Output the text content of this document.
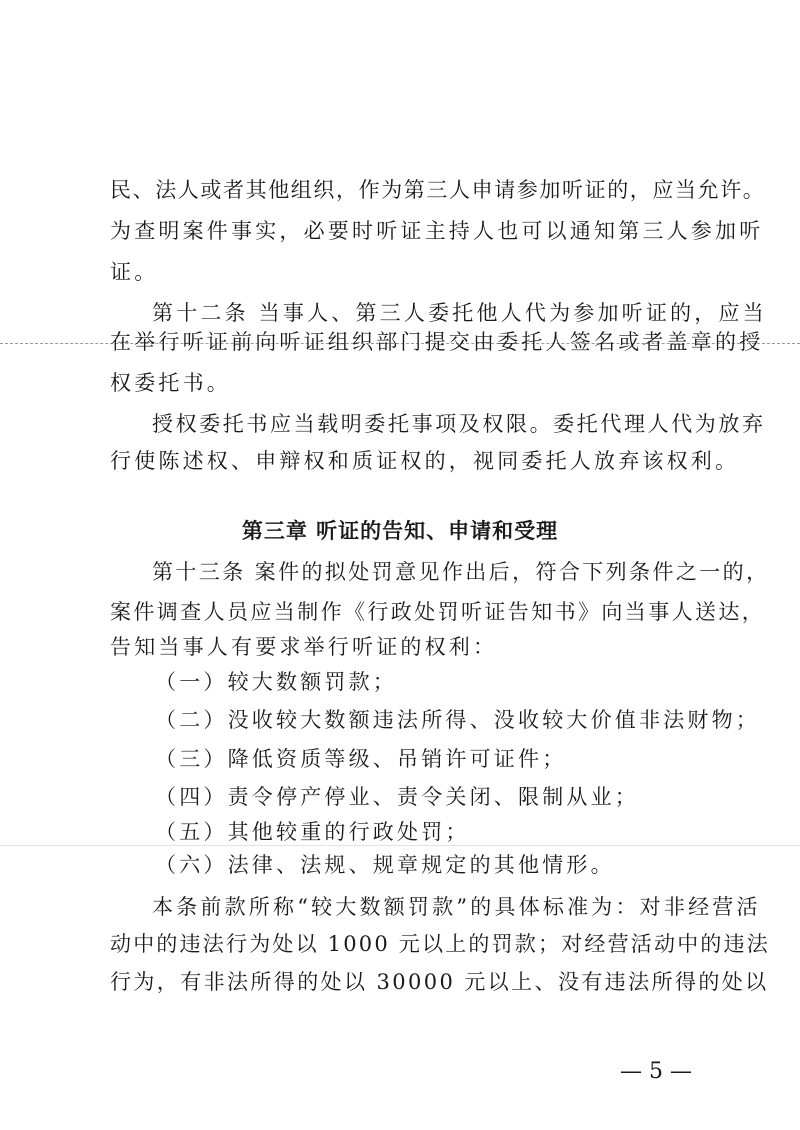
民、法人或者其他组织，作为第三人申请参加听证的，应当允许。
为查明案件事实，必要时听证主持人也可以通知第三人参加听
证。
第十二条 当事人、第三人委托他人代为参加听证的，应当
在举行听证前向听证组织部门提交由委托人签名或者盖章的授
权委托书。
授权委托书应当载明委托事项及权限。委托代理人代为放弃
行使陈述权、申辩权和质证权的，视同委托人放弃该权利。
第三章 听证的告知、申请和受理
第十三条 案件的拟处罚意见作出后，符合下列条件之一的，
案件调查人员应当制作《行政处罚听证告知书》向当事人送达，
告知当事人有要求举行听证的权利：
（一）较大数额罚款；
（二）没收较大数额违法所得、没收较大价值非法财物；
（三）降低资质等级、吊销许可证件；
（四）责令停产停业、责令关闭、限制从业；
（五）其他较重的行政处罚；
（六）法律、法规、规章规定的其他情形。
本条前款所称“较大数额罚款”的具体标准为：对非经营活
动中的违法行为处以 1000 元以上的罚款；对经营活动中的违法
行为，有非法所得的处以 30000 元以上、没有违法所得的处以
— 5 —
